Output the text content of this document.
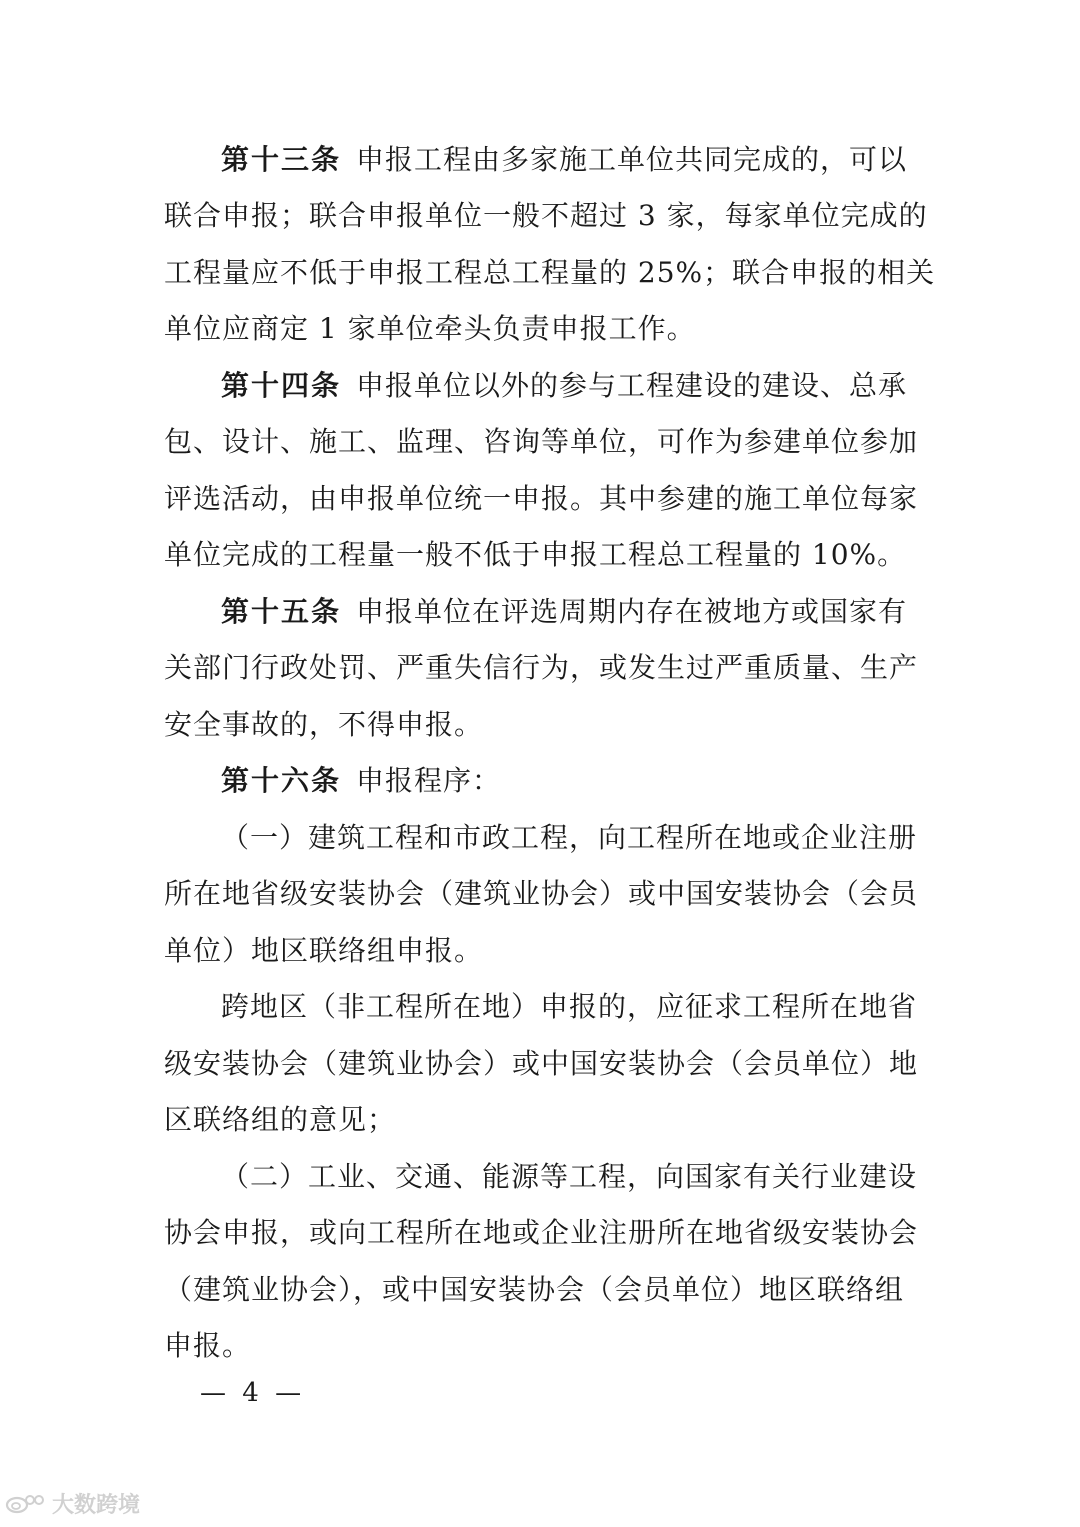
第十三条 申报工程由多家施工单位共同完成的，可以
联合申报；联合申报单位一般不超过 3 家，每家单位完成的
工程量应不低于申报工程总工程量的 25%；联合申报的相关
单位应商定 1 家单位牵头负责申报工作。
第十四条 申报单位以外的参与工程建设的建设、总承
包、设计、施工、监理、咨询等单位，可作为参建单位参加
评选活动，由申报单位统一申报。其中参建的施工单位每家
单位完成的工程量一般不低于申报工程总工程量的 10%。
第十五条 申报单位在评选周期内存在被地方或国家有
关部门行政处罚、严重失信行为，或发生过严重质量、生产
安全事故的，不得申报。
第十六条 申报程序：
（一）建筑工程和市政工程，向工程所在地或企业注册
所在地省级安装协会（建筑业协会）或中国安装协会（会员
单位）地区联络组申报。
跨地区（非工程所在地）申报的，应征求工程所在地省
级安装协会（建筑业协会）或中国安装协会（会员单位）地
区联络组的意见；
（二）工业、交通、能源等工程，向国家有关行业建设
协会申报，或向工程所在地或企业注册所在地省级安装协会
（建筑业协会），或中国安装协会（会员单位）地区联络组
申报。
— 4 —
大数跨境
